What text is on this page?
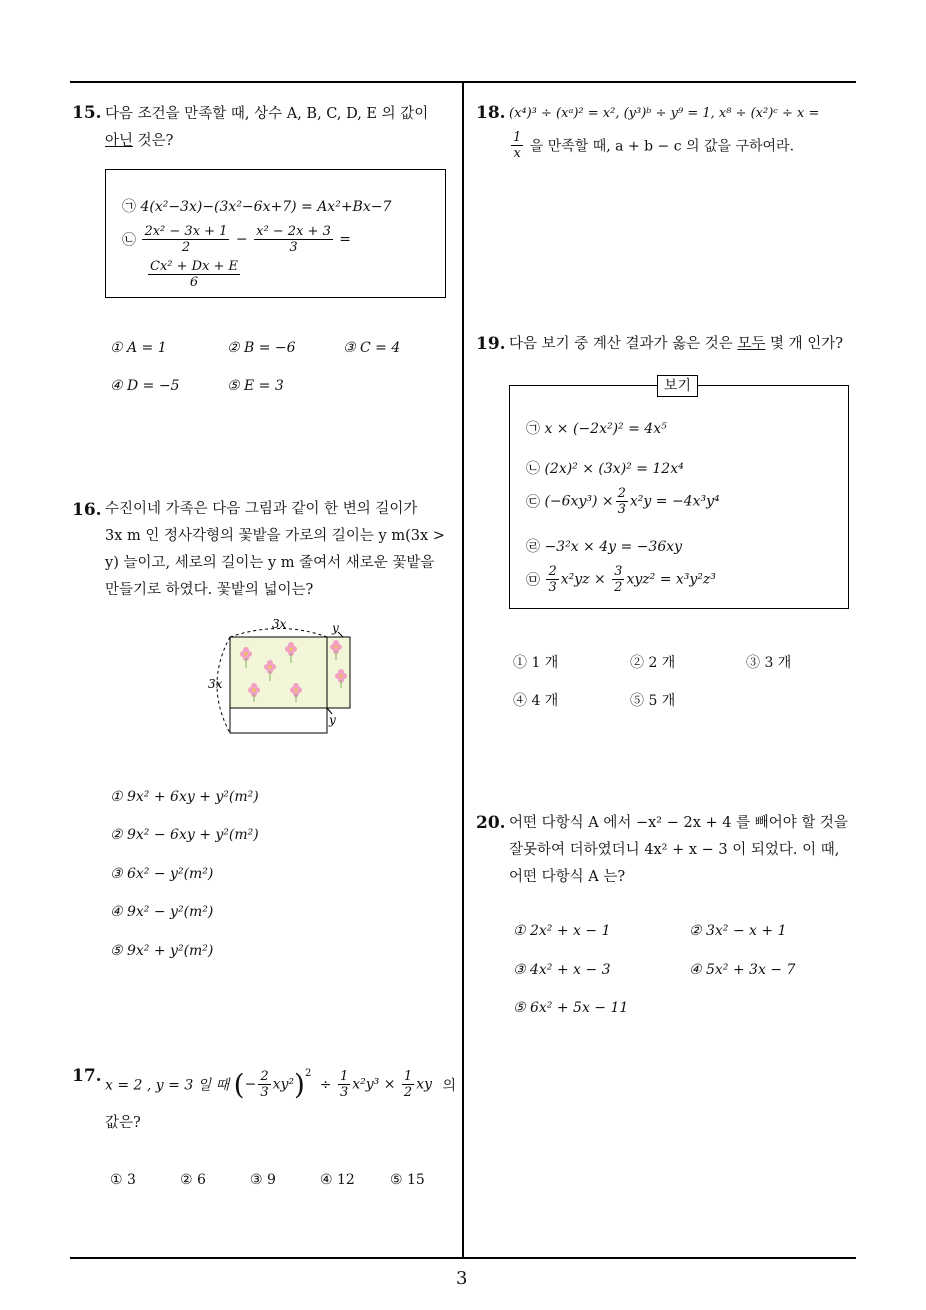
15. 다음 조건을 만족할 때, 상수 A, B, C, D, E 의 값이
아닌 것은?
㉠ 4(x²−3x)−(3x²−6x+7) = Ax²+Bx−7
㉡ $\frac{\text{2x² − 3x + 1}}{2} - \frac{\text{x² − 2x + 3}}{3}$ =
$\frac{\text{Cx² + Dx + E}}{6}$
① A = 1	② B = −6	③ C = 4
④ D = −5	⑤ E = 3
16. 수진이네 가족은 다음 그림과 같이 한 변의 길이가
3x m 인 정사각형의 꽃밭을 가로의 길이는 y m(3x >
y) 늘이고, 세로의 길이는 y m 줄여서 새로운 꽃밭을
만들기로 하였다. 꽃밭의 넓이는?
3x	y
3x
y
① 9x² + 6xy + y²(m²)
② 9x² − 6xy + y²(m²)
③ 6x² − y²(m²)
④ 9x² − y²(m²)
⑤ 9x² + y²(m²)
17. x = 2 , y = 3 일 때 (− $\frac{2}{3} xy^2)^2 \div \frac{1}{3} x^2y^3 \times \frac{1}{2}$ xy 의
값은?
① 3	② 6	③ 9	④ 12	⑤ 15
18. (x⁴)³ ÷ (xᵃ)² = x², (y³)ᵇ ÷ y⁹ = 1, x⁸ ÷ (x²)ᶜ ÷ x =
$\frac{1}{x}$ 을 만족할 때, a + b − c 의 값을 구하여라.
19. 다음 보기 중 계산 결과가 옳은 것은 모두 몇 개 인가?
㉠ x × (−2x²)² = 4x⁵
㉡ (2x)² × (3x)² = 12x⁴
㉢ $(-6xy^3) \times \frac{2}{3} x^2y = -4x^3y^4$
㉣ −3²x × 4y = −36xy
㉤ $\frac{2}{3} x^2yz \times \frac{3}{2} xyz^2 = x^3y^2z^3$
보기
① 1 개	② 2 개	③ 3 개
④ 4 개	⑤ 5 개
20. 어떤 다항식 A 에서 −x² − 2x + 4 를 빼어야 할 것을
잘못하여 더하였더니 4x² + x − 3 이 되었다. 이 때,
어떤 다항식 A 는?
① 2x² + x − 1	② 3x² − x + 1
③ 4x² + x − 3	④ 5x² + 3x − 7
⑤ 6x² + 5x − 11
3
